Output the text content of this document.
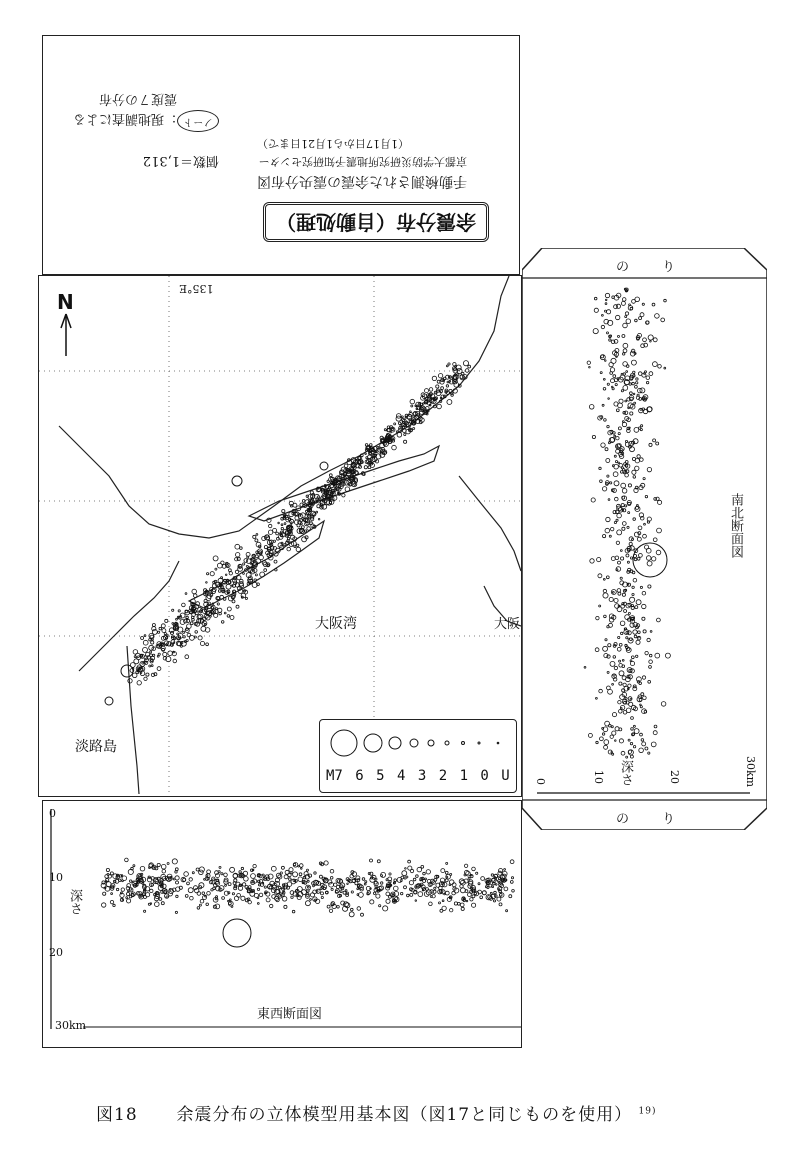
余震分布（自動処理）
手動検測された余震の震央分布図
京都大学防災研究所地震予知研究センター
（1月17日から1月21日まで）
個数＝1,312
ノート
：現地調査による
震度７の分布
N
135°E
大阪湾	大阪
淡路島
M7 6 5 4 3 2 1 0 U
の	り
の	り
南北断面図
深さ
0	10	20	30km
0
10
20
30km
深さ
東西断面図
図18 余震分布の立体模型用基本図（図17と同じものを使用） $^{19)}$
